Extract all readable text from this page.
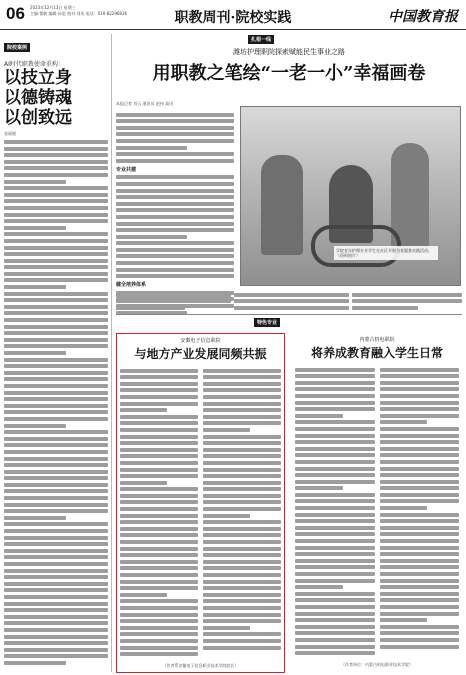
06 2023年12月13日 星期三
主编·翟帆 编辑·孙思 校对·刘凤 电话：010-82296836	职教周刊·院校实践	中国教育报
院校案例
AI时代职教使命重构：
以技立身
以德铸魂
以创致远
张丽媛
扎根一线
潍坊护理职院探索赋能民生事业之路
用职教之笔绘“一老一小”幸福画卷
本报记者 刘云 通讯员 赵伟 高田
专业共建
健全培养体系
学院老年护理专业学生在社区开展为老服务实践活动。（资料图片）
特色专业
安徽电子信息职院
与地方产业发展同频共振
（作者系安徽电子信息职业技术学院院长）
内蒙古机电职院
将养成教育融入学生日常
（作者单位：内蒙古机电职业技术学院）
